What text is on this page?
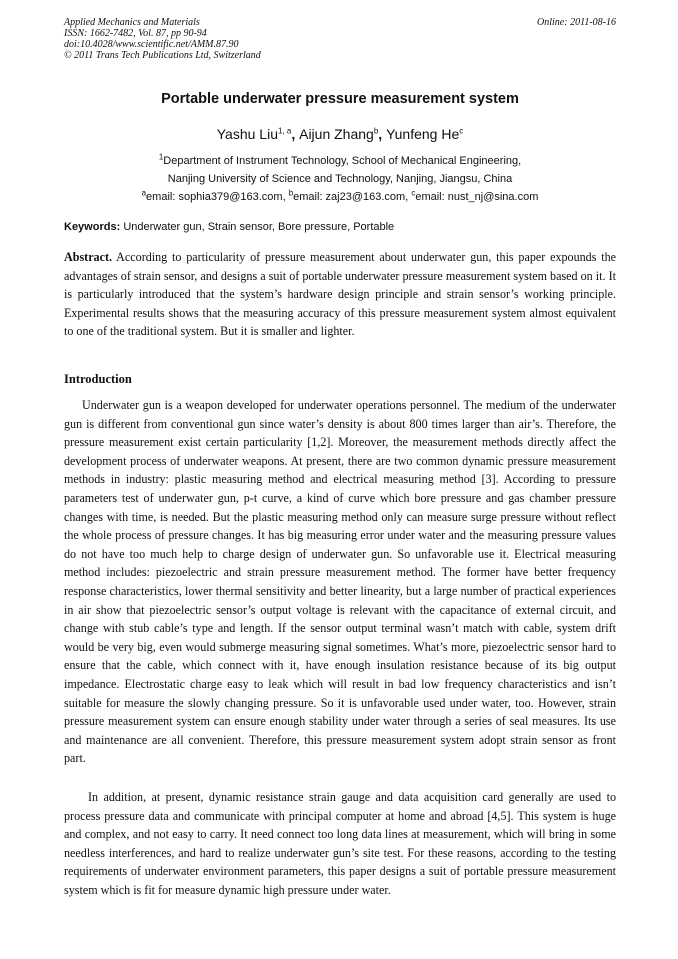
Applied Mechanics and Materials
ISSN: 1662-7482, Vol. 87, pp 90-94
doi:10.4028/www.scientific.net/AMM.87.90
© 2011 Trans Tech Publications Ltd, Switzerland
Online: 2011-08-16
Portable underwater pressure measurement system
Yashu Liu$^{1, a}$, Aijun Zhang$^b$, Yunfeng He$^c$
$^1$Department of Instrument Technology, School of Mechanical Engineering,
Nanjing University of Science and Technology, Nanjing, Jiangsu, China
$^a$email: sophia379@163.com, $^b$email: zaj23@163.com, $^c$email: nust_nj@sina.com
Keywords: Underwater gun, Strain sensor, Bore pressure, Portable
Abstract. According to particularity of pressure measurement about underwater gun, this paper expounds the advantages of strain sensor, and designs a suit of portable underwater pressure measurement system based on it. It is particularly introduced that the system’s hardware design principle and strain sensor’s working principle. Experimental results shows that the measuring accuracy of this pressure measurement system almost equivalent to one of the traditional system. But it is smaller and lighter.
Introduction
Underwater gun is a weapon developed for underwater operations personnel. The medium of the underwater gun is different from conventional gun since water’s density is about 800 times larger than air’s. Therefore, the pressure measurement exist certain particularity [1,2]. Moreover, the measurement methods directly affect the development process of underwater weapons. At present, there are two common dynamic pressure measurement methods in industry: plastic measuring method and electrical measuring method [3]. According to pressure parameters test of underwater gun, p-t curve, a kind of curve which bore pressure and gas chamber pressure changes with time, is needed. But the plastic measuring method only can measure surge pressure without reflect the whole process of pressure changes. It has big measuring error under water and the measuring pressure values do not have too much help to charge design of underwater gun. So unfavorable use it. Electrical measuring method includes: piezoelectric and strain pressure measurement method. The former have better frequency response characteristics, lower thermal sensitivity and better linearity, but a large number of practical experiences in air show that piezoelectric sensor’s output voltage is relevant with the capacitance of external circuit, and change with stub cable’s type and length. If the sensor output terminal wasn’t match with cable, system drift would be very big, even would submerge measuring signal sometimes. What’s more, piezoelectric sensor hard to ensure that the cable, which connect with it, have enough insulation resistance because of its big output impedance. Electrostatic charge easy to leak which will result in bad low frequency characteristics and isn’t suitable for measure the slowly changing pressure. So it is unfavorable used under water, too. However, strain pressure measurement system can ensure enough stability under water through a series of seal measures. Its use and maintenance are all convenient. Therefore, this pressure measurement system adopt strain sensor as front part.
In addition, at present, dynamic resistance strain gauge and data acquisition card generally are used to process pressure data and communicate with principal computer at home and abroad [4,5]. This system is huge and complex, and not easy to carry. It need connect too long data lines at measurement, which will bring in some needless interferences, and hard to realize underwater gun’s site test. For these reasons, according to the testing requirements of underwater environment parameters, this paper designs a suit of portable pressure measurement system which is fit for measure dynamic high pressure under water.
